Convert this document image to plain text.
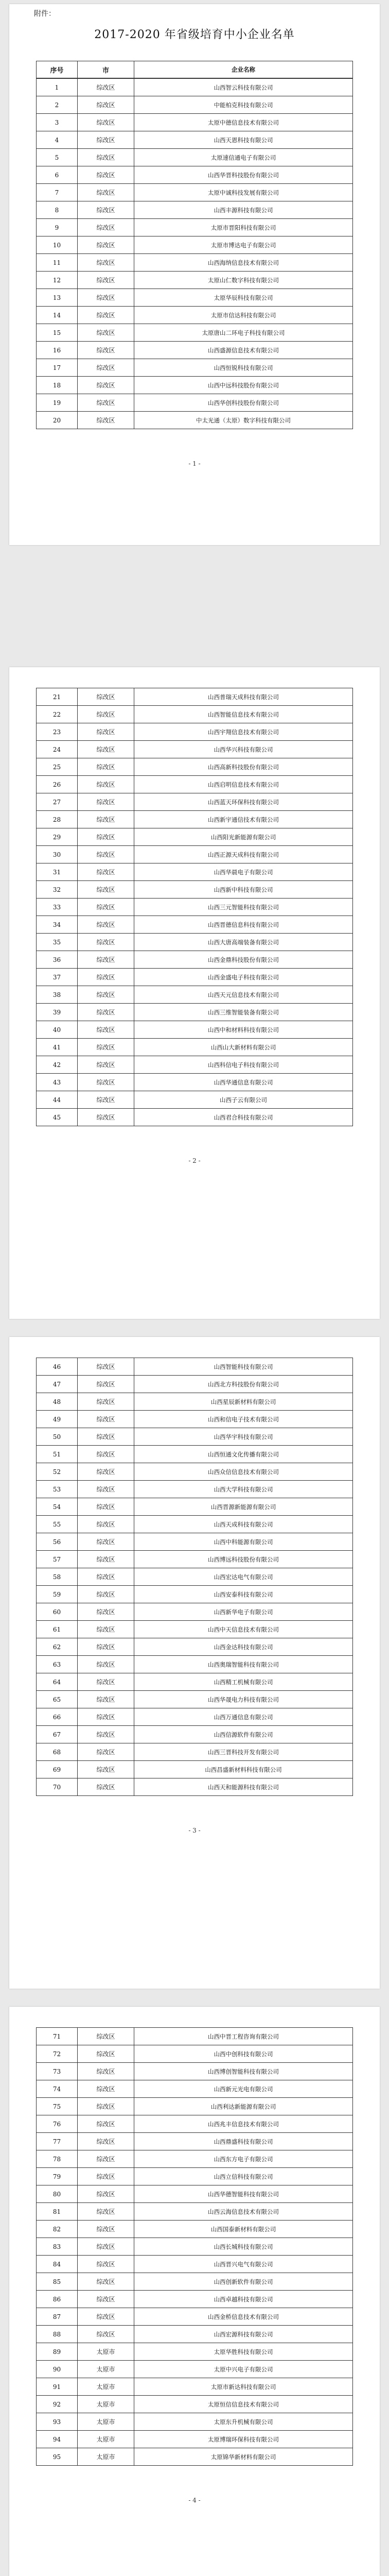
附件：
2017-2020 年省级培育中小企业名单
序号	市	企业名称
1	综改区	山西智云科技有限公司
2	综改区	中能柏克科技有限公司
3	综改区	太原中德信息技术有限公司
4	综改区	山西天恩科技有限公司
5	综改区	太原速信通电子有限公司
6	综改区	山西华晋科技股份有限公司
7	综改区	太原中诚科技发展有限公司
8	综改区	山西丰源科技有限公司
9	综改区	太原市晋阳科技有限公司
10	综改区	太原市博达电子有限公司
11	综改区	山西海纳信息技术有限公司
12	综改区	太原山仁数字科技有限公司
13	综改区	太原华辰科技有限公司
14	综改区	太原市信达科技有限公司
15	综改区	太原唐山二环电子科技有限公司
16	综改区	山西盛源信息技术有限公司
17	综改区	山西恒锐科技有限公司
18	综改区	山西中远科技股份有限公司
19	综改区	山西华创科技股份有限公司
20	综改区	中太光通（太原）数字科技有限公司
- 1 -
21	综改区	山西普瑞天成科技有限公司
22	综改区	山西智能信息技术有限公司
23	综改区	山西宇翔信息技术有限公司
24	综改区	山西华兴科技有限公司
25	综改区	山西高新科技股份有限公司
26	综改区	山西启明信息技术有限公司
27	综改区	山西蓝天环保科技有限公司
28	综改区	山西新宇通信技术有限公司
29	综改区	山西阳光新能源有限公司
30	综改区	山西正源天成科技有限公司
31	综改区	山西华晨电子有限公司
32	综改区	山西新中科技有限公司
33	综改区	山西三元智能科技有限公司
34	综改区	山西晋德信息科技有限公司
35	综改区	山西大唐高端装备有限公司
36	综改区	山西金鼎科技股份有限公司
37	综改区	山西金盛电子科技有限公司
38	综改区	山西天元信息技术有限公司
39	综改区	山西三维智能装备有限公司
40	综改区	山西中和材料科技有限公司
41	综改区	山西山大新材料有限公司
42	综改区	山西科信电子科技有限公司
43	综改区	山西华通信息有限公司
44	综改区	山西子云有限公司
45	综改区	山西君合科技有限公司
- 2 -
46	综改区	山西智能科技有限公司
47	综改区	山西北方科技股份有限公司
48	综改区	山西星辰新材料有限公司
49	综改区	山西和信电子技术有限公司
50	综改区	山西华宇科技有限公司
51	综改区	山西恒通文化传播有限公司
52	综改区	山西众信信息技术有限公司
53	综改区	山西大学科技有限公司
54	综改区	山西晋源新能源有限公司
55	综改区	山西天成科技有限公司
56	综改区	山西中科能源有限公司
57	综改区	山西博远科技股份有限公司
58	综改区	山西宏达电气有限公司
59	综改区	山西安泰科技有限公司
60	综改区	山西新华电子有限公司
61	综改区	山西中天信息技术有限公司
62	综改区	山西金达科技有限公司
63	综改区	山西奥瑞智能科技有限公司
64	综改区	山西精工机械有限公司
65	综改区	山西华晟电力科技有限公司
66	综改区	山西万通信息有限公司
67	综改区	山西信源软件有限公司
68	综改区	山西三晋科技开发有限公司
69	综改区	山西昌盛新材料科技有限公司
70	综改区	山西天和能源科技有限公司
- 3 -
71	综改区	山西中晋工程咨询有限公司
72	综改区	山西中创科技有限公司
73	综改区	山西博创智能科技有限公司
74	综改区	山西新元光电有限公司
75	综改区	山西利达新能源有限公司
76	综改区	山西兆丰信息技术有限公司
77	综改区	山西鼎盛科技有限公司
78	综改区	山西东方电子有限公司
79	综改区	山西立信科技有限公司
80	综改区	山西华德智能科技有限公司
81	综改区	山西云海信息技术有限公司
82	综改区	山西国泰新材料有限公司
83	综改区	山西长城科技有限公司
84	综改区	山西晋兴电气有限公司
85	综改区	山西创新软件有限公司
86	综改区	山西卓越科技有限公司
87	综改区	山西金桥信息技术有限公司
88	综改区	山西宏源科技有限公司
89	太原市	太原华胜科技有限公司
90	太原市	太原中兴电子有限公司
91	太原市	太原市新达科技有限公司
92	太原市	太原恒信信息技术有限公司
93	太原市	太原东升机械有限公司
94	太原市	太原博瑞环保科技有限公司
95	太原市	太原锦华新材料有限公司
- 4 -
